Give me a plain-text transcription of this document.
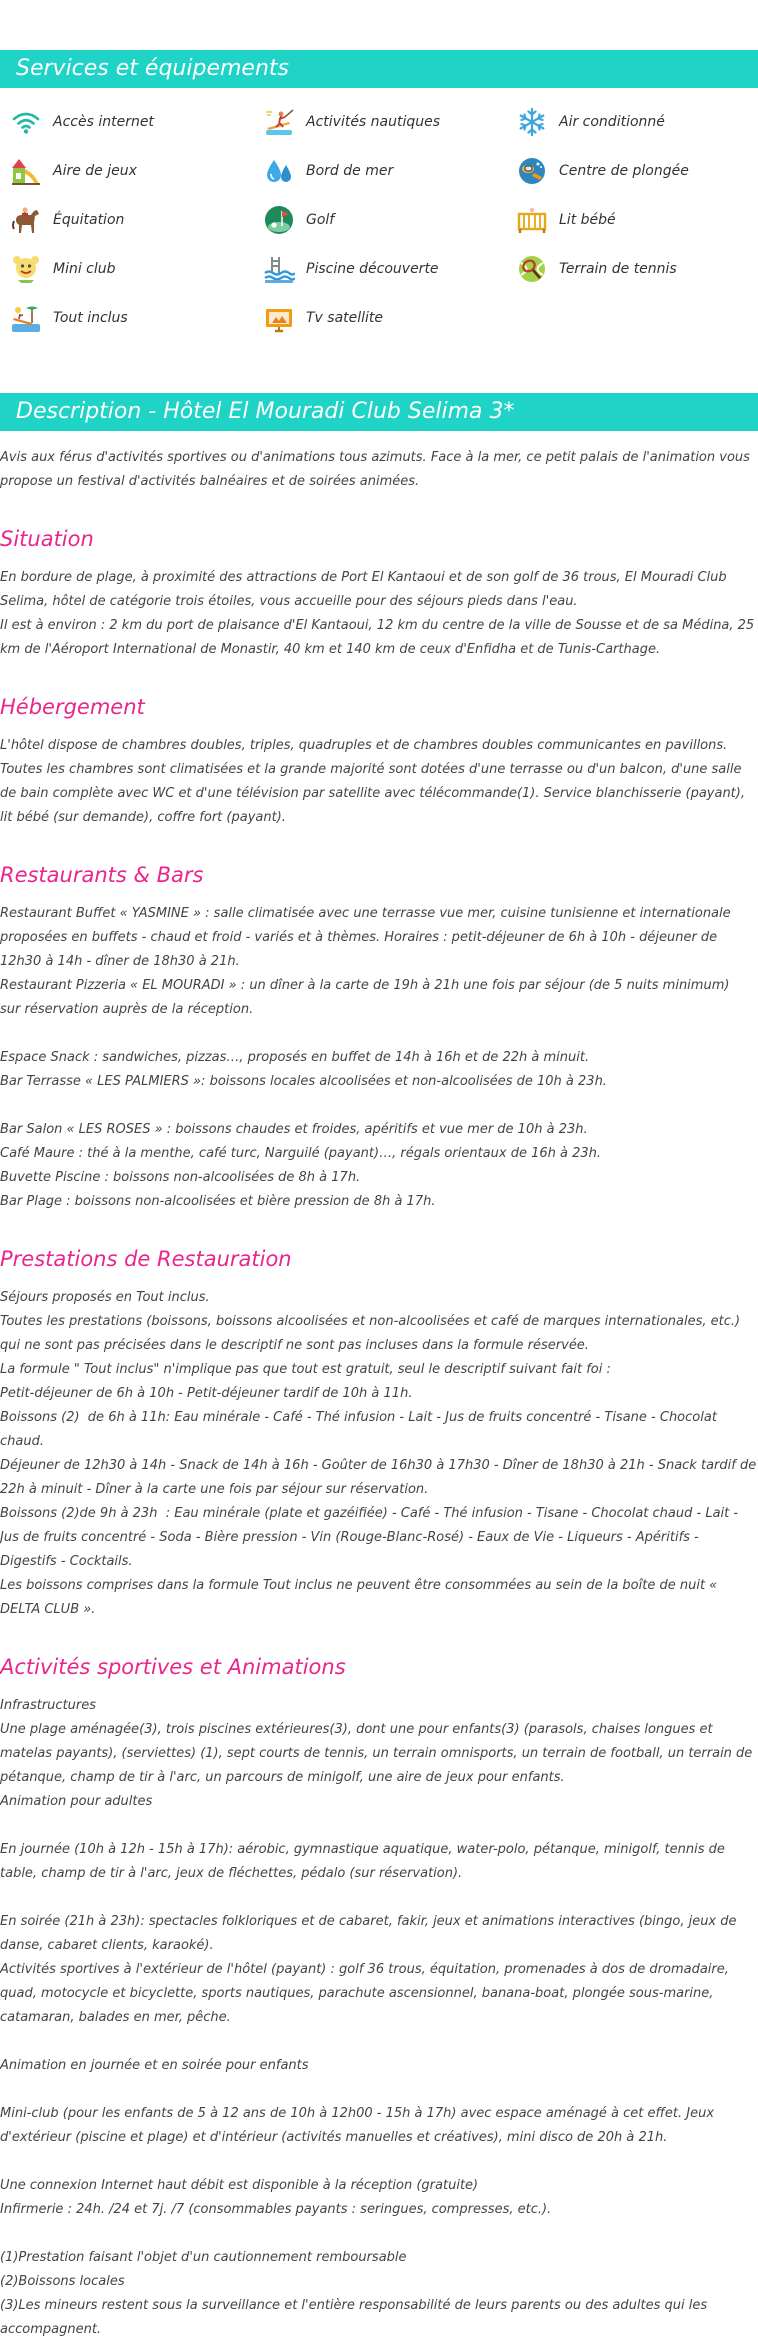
Services et équipements
Accès internet	Activités nautiques	Air conditionné
Aire de jeux	Bord de mer	Centre de plongée
Équitation	Golf	Lit bébé
Mini club	Piscine découverte	Terrain de tennis
Tout inclus	Tv satellite
Description - Hôtel El Mouradi Club Selima 3*

Avis aux férus d'activités sportives ou d'animations tous azimuts. Face à la mer, ce petit palais de l'animation vous propose un festival d'activités balnéaires et de soirées animées.

Situation

En bordure de plage, à proximité des attractions de Port El Kantaoui et de son golf de 36 trous, El Mouradi Club Selima, hôtel de catégorie trois étoiles, vous accueille pour des séjours pieds dans l'eau.
Il est à environ : 2 km du port de plaisance d'El Kantaoui, 12 km du centre de la ville de Sousse et de sa Médina, 25 km de l'Aéroport International de Monastir, 40 km et 140 km de ceux d'Enfidha et de Tunis-Carthage.

Hébergement

L'hôtel dispose de chambres doubles, triples, quadruples et de chambres doubles communicantes en pavillons.
Toutes les chambres sont climatisées et la grande majorité sont dotées d'une terrasse ou d'un balcon, d'une salle de bain complète avec WC et d'une télévision par satellite avec télécommande(1). Service blanchisserie (payant), lit bébé (sur demande), coffre fort (payant).

Restaurants & Bars

Restaurant Buffet « YASMINE » : salle climatisée avec une terrasse vue mer, cuisine tunisienne et internationale proposées en buffets - chaud et froid - variés et à thèmes. Horaires : petit-déjeuner de 6h à 10h - déjeuner de 12h30 à 14h - dîner de 18h30 à 21h.
Restaurant Pizzeria « EL MOURADI » : un dîner à la carte de 19h à 21h une fois par séjour (de 5 nuits minimum)
sur réservation auprès de la réception.

Espace Snack : sandwiches, pizzas…, proposés en buffet de 14h à 16h et de 22h à minuit.
Bar Terrasse « LES PALMIERS »: boissons locales alcoolisées et non-alcoolisées de 10h à 23h.

Bar Salon « LES ROSES » : boissons chaudes et froides, apéritifs et vue mer de 10h à 23h.
Café Maure : thé à la menthe, café turc, Narguilé (payant)…, régals orientaux de 16h à 23h.
Buvette Piscine : boissons non-alcoolisées de 8h à 17h.
Bar Plage : boissons non-alcoolisées et bière pression de 8h à 17h.

Prestations de Restauration

Séjours proposés en Tout inclus.
Toutes les prestations (boissons, boissons alcoolisées et non-alcoolisées et café de marques internationales, etc.) qui ne sont pas précisées dans le descriptif ne sont pas incluses dans la formule réservée.
La formule " Tout inclus" n'implique pas que tout est gratuit, seul le descriptif suivant fait foi :
Petit-déjeuner de 6h à 10h - Petit-déjeuner tardif de 10h à 11h.
Boissons (2)  de 6h à 11h: Eau minérale - Café - Thé infusion - Lait - Jus de fruits concentré - Tisane - Chocolat chaud.
Déjeuner de 12h30 à 14h - Snack de 14h à 16h - Goûter de 16h30 à 17h30 - Dîner de 18h30 à 21h - Snack tardif de 22h à minuit - Dîner à la carte une fois par séjour sur réservation.
Boissons (2)de 9h à 23h  : Eau minérale (plate et gazéifiée) - Café - Thé infusion - Tisane - Chocolat chaud - Lait - Jus de fruits concentré - Soda - Bière pression - Vin (Rouge-Blanc-Rosé) - Eaux de Vie - Liqueurs - Apéritifs - Digestifs - Cocktails.
Les boissons comprises dans la formule Tout inclus ne peuvent être consommées au sein de la boîte de nuit « DELTA CLUB ».

Activités sportives et Animations

Infrastructures
Une plage aménagée(3), trois piscines extérieures(3), dont une pour enfants(3) (parasols, chaises longues et matelas payants), (serviettes) (1), sept courts de tennis, un terrain omnisports, un terrain de football, un terrain de pétanque, champ de tir à l'arc, un parcours de minigolf, une aire de jeux pour enfants.
Animation pour adultes

En journée (10h à 12h - 15h à 17h): aérobic, gymnastique aquatique, water-polo, pétanque, minigolf, tennis de table, champ de tir à l'arc, jeux de fléchettes, pédalo (sur réservation).

En soirée (21h à 23h): spectacles folkloriques et de cabaret, fakir, jeux et animations interactives (bingo, jeux de danse, cabaret clients, karaoké).
Activités sportives à l'extérieur de l'hôtel (payant) : golf 36 trous, équitation, promenades à dos de dromadaire, quad, motocycle et bicyclette, sports nautiques, parachute ascensionnel, banana-boat, plongée sous-marine, catamaran, balades en mer, pêche.

Animation en journée et en soirée pour enfants

Mini-club (pour les enfants de 5 à 12 ans de 10h à 12h00 - 15h à 17h) avec espace aménagé à cet effet. Jeux d'extérieur (piscine et plage) et d'intérieur (activités manuelles et créatives), mini disco de 20h à 21h.

Une connexion Internet haut débit est disponible à la réception (gratuite)
Infirmerie : 24h. /24 et 7j. /7 (consommables payants : seringues, compresses, etc.).

(1)Prestation faisant l'objet d'un cautionnement remboursable
(2)Boissons locales
(3)Les mineurs restent sous la surveillance et l'entière responsabilité de leurs parents ou des adultes qui les accompagnent.
